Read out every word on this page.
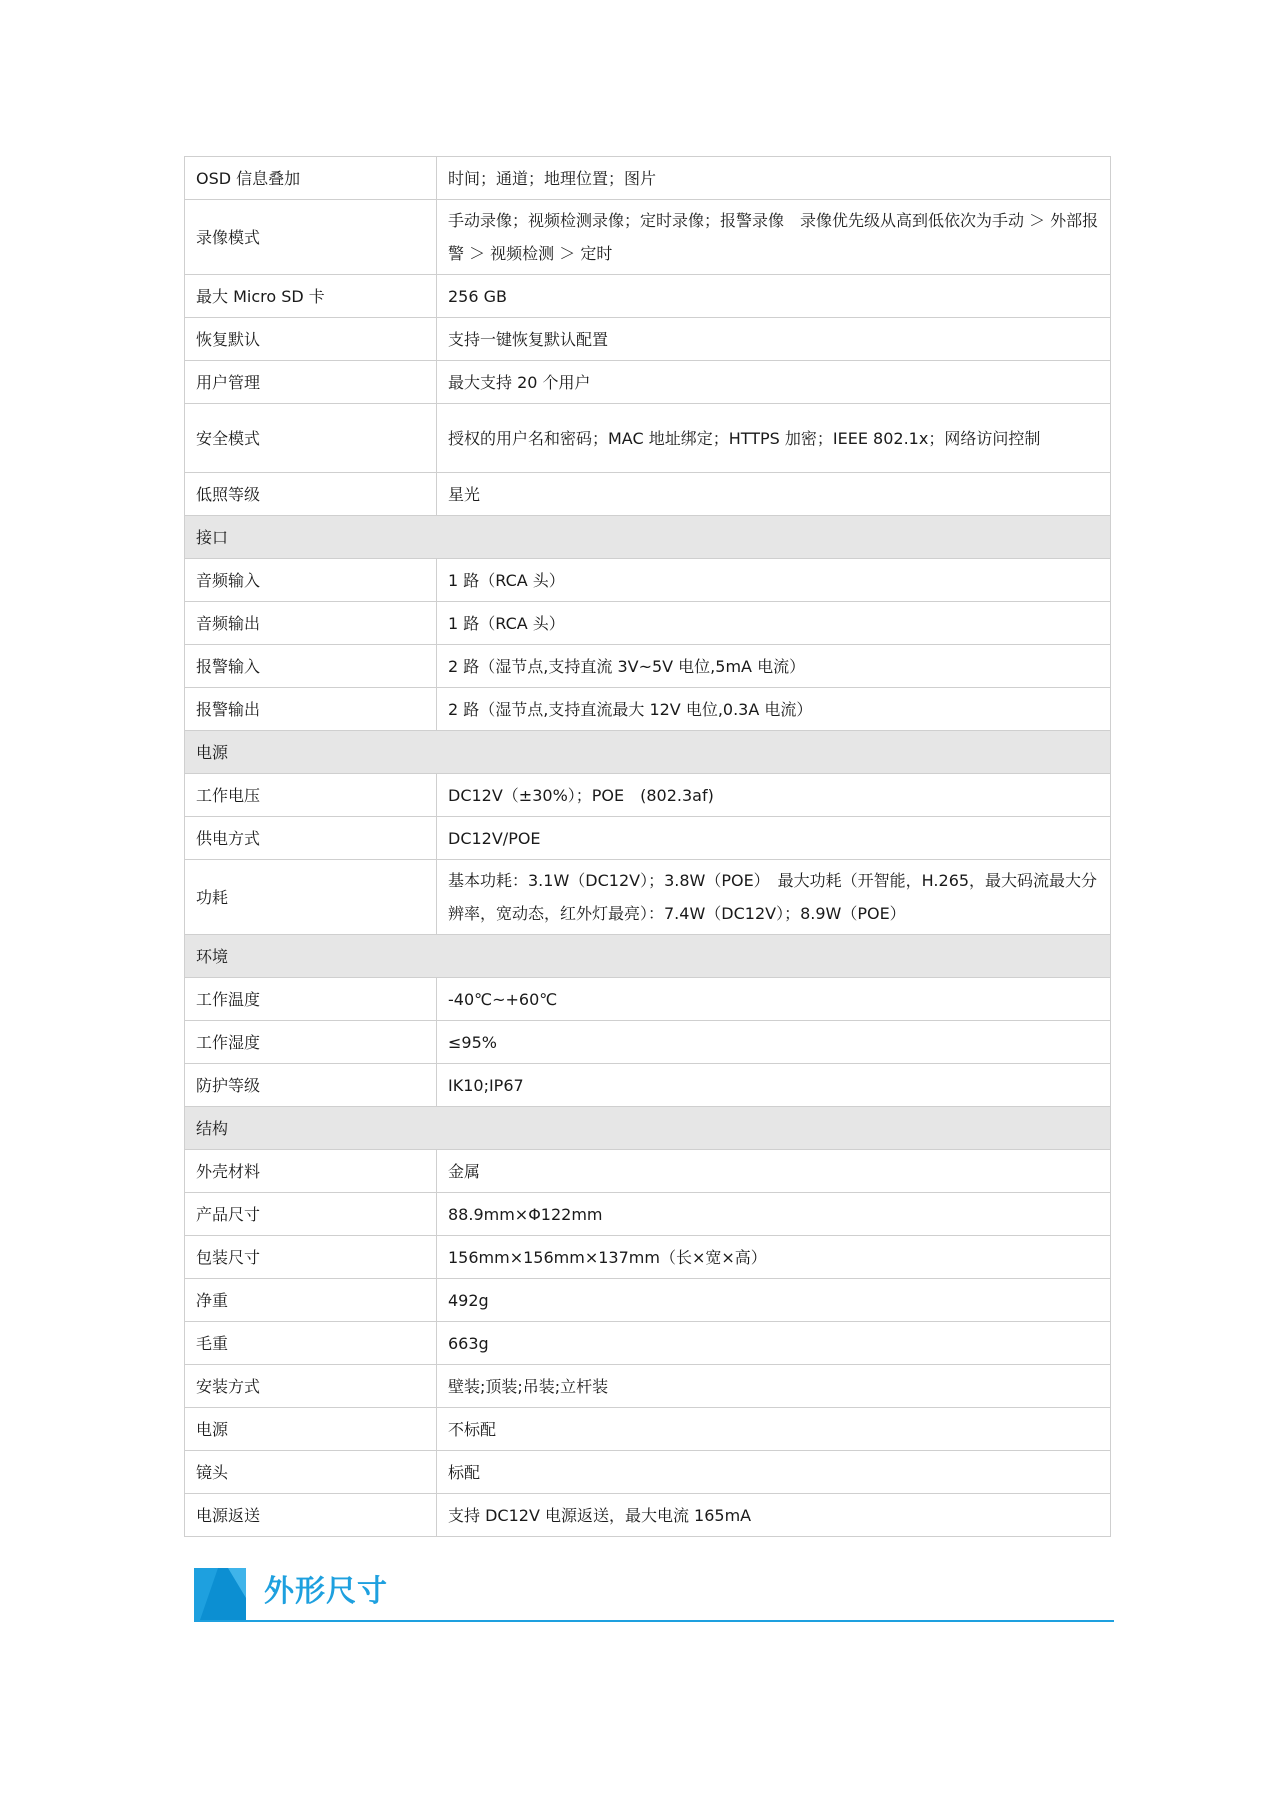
OSD 信息叠加	时间；通道；地理位置；图片
录像模式	手动录像；视频检测录像；定时录像；报警录像　录像优先级从高到低依次为手动 ＞ 外部报警 ＞ 视频检测 ＞ 定时
最大 Micro SD 卡	256 GB
恢复默认	支持一键恢复默认配置
用户管理	最大支持 20 个用户
安全模式	授权的用户名和密码；MAC 地址绑定；HTTPS 加密；IEEE 802.1x；网络访问控制
低照等级	星光
接口	
音频输入	1 路（RCA 头）
音频输出	1 路（RCA 头）
报警输入	2 路（湿节点,支持直流 3V~5V 电位,5mA 电流）
报警输出	2 路（湿节点,支持直流最大 12V 电位,0.3A 电流）
电源	
工作电压	DC12V（±30%）；POE　(802.3af)
供电方式	DC12V/POE
功耗	基本功耗：3.1W（DC12V）；3.8W（POE）　最大功耗（开智能，H.265，最大码流最大分辨率，宽动态，红外灯最亮）：7.4W（DC12V）；8.9W（POE）
环境	
工作温度	-40℃~+60℃
工作湿度	≤95%
防护等级	IK10;IP67
结构	
外壳材料	金属
产品尺寸	88.9mm×Φ122mm
包装尺寸	156mm×156mm×137mm（长×宽×高）
净重	492g
毛重	663g
安装方式	壁装;顶装;吊装;立杆装
电源	不标配
镜头	标配
电源返送	支持 DC12V 电源返送，最大电流 165mA
外形尺寸
